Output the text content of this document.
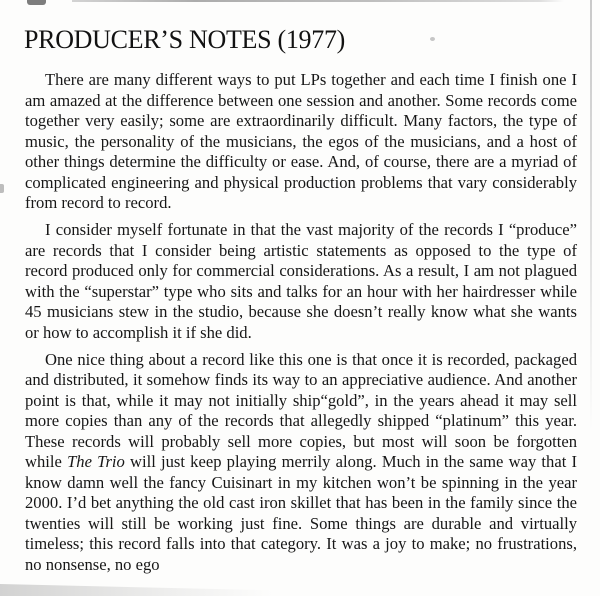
PRODUCER’S NOTES (1977)

There are many different ways to put LPs together and each time I finish one I am amazed at the difference between one session and another. Some records come together very easily; some are extraordinarily difficult. Many factors, the type of music, the personality of the musicians, the egos of the musicians, and a host of other things determine the difficulty or ease. And, of course, there are a myriad of complicated engineering and physical production problems that vary considerably from record to record.

I consider myself fortunate in that the vast majority of the records I “produce” are records that I consider being artistic statements as opposed to the type of record produced only for commercial considerations. As a result, I am not plagued with the “superstar” type who sits and talks for an hour with her hairdresser while 45 musicians stew in the studio, because she doesn’t really know what she wants or how to accomplish it if she did.

One nice thing about a record like this one is that once it is recorded, packaged and distributed, it somehow finds its way to an appreciative audience. And another point is that, while it may not initially ship“gold”, in the years ahead it may sell more copies than any of the records that allegedly shipped “platinum” this year. These records will probably sell more copies, but most will soon be forgotten while The Trio will just keep playing merrily along. Much in the same way that I know damn well the fancy Cuisinart in my kitchen won’t be spinning in the year 2000. I’d bet anything the old cast iron skillet that has been in the family since the twenties will still be working just fine. Some things are durable and virtually timeless; this record falls into that category. It was a joy to make; no frustrations, no nonsense, no ego
